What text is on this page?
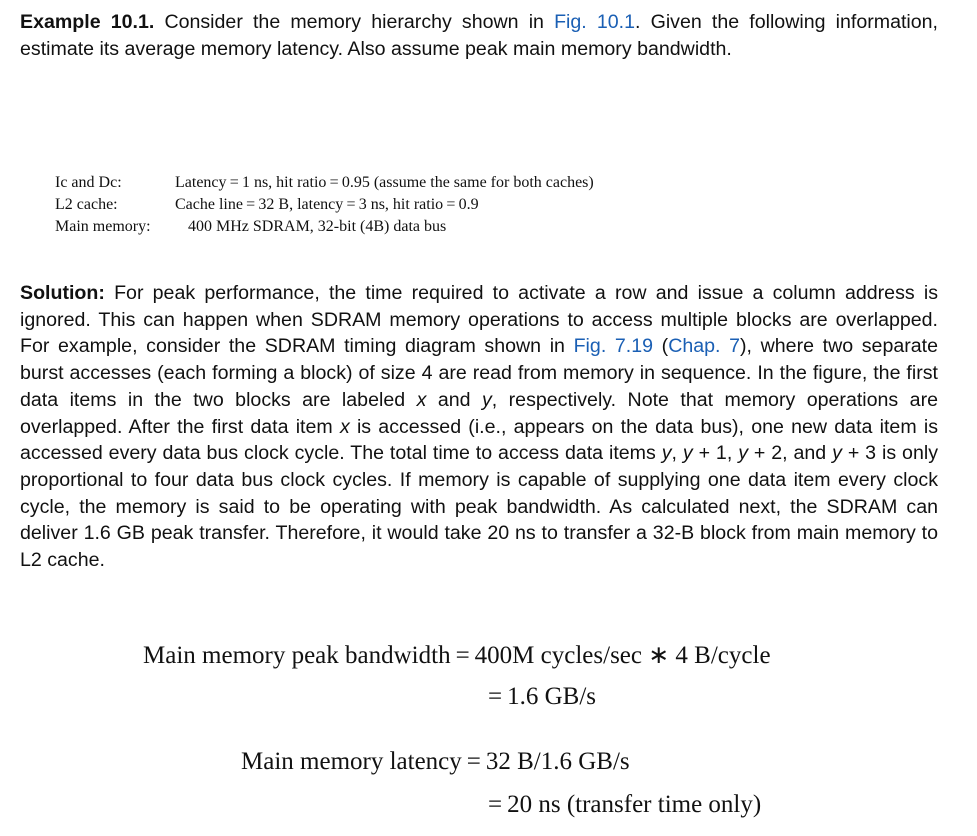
Example 10.1. Consider the memory hierarchy shown in Fig. 10.1. Given the following information, estimate its average memory latency. Also assume peak main memory bandwidth.

Ic and Dc:	Latency = 1 ns, hit ratio = 0.95 (assume the same for both caches)
L2 cache:	Cache line = 32 B, latency = 3 ns, hit ratio = 0.9
Main memory:	400 MHz SDRAM, 32-bit (4B) data bus

Solution: For peak performance, the time required to activate a row and issue a column address is ignored. This can happen when SDRAM memory operations to access multiple blocks are overlapped. For example, consider the SDRAM timing diagram shown in Fig. 7.19 (Chap. 7), where two separate burst accesses (each forming a block) of size 4 are read from memory in sequence. In the figure, the first data items in the two blocks are labeled x and y, respectively. Note that memory operations are overlapped. After the first data item x is accessed (i.e., appears on the data bus), one new data item is accessed every data bus clock cycle. The total time to access data items y, y + 1, y + 2, and y + 3 is only proportional to four data bus clock cycles. If memory is capable of supplying one data item every clock cycle, the memory is said to be operating with peak bandwidth. As calculated next, the SDRAM can deliver 1.6 GB peak transfer. Therefore, it would take 20 ns to transfer a 32-B block from main memory to L2 cache.

Main memory peak bandwidth = 400M cycles/sec ∗ 4 B/cycle
= 1.6 GB/s
Main memory latency = 32 B/1.6 GB/s
= 20 ns (transfer time only)
